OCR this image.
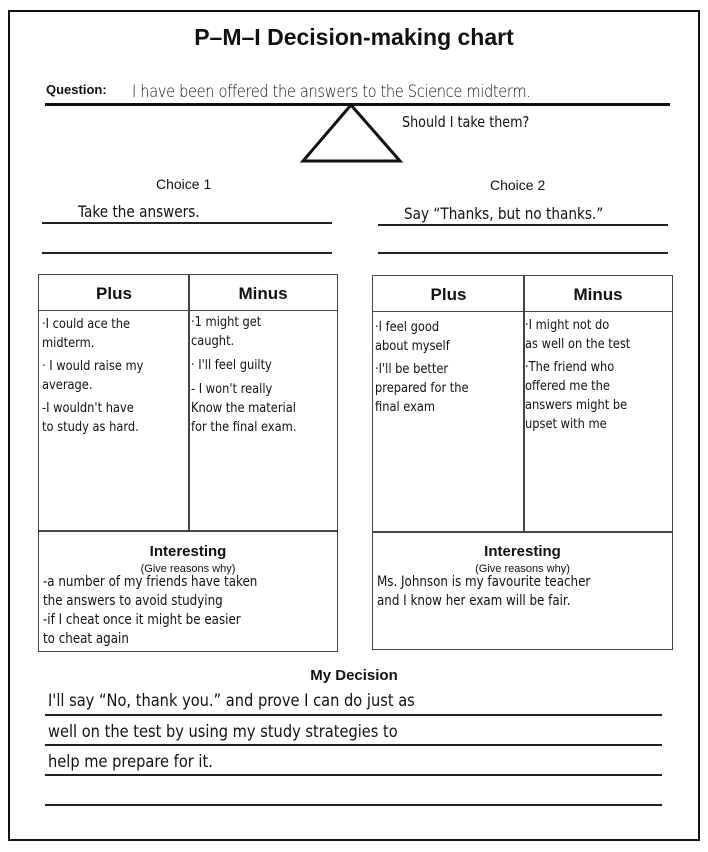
P–M–I Decision-making chart
Question: I have been offered the answers to the Science midterm.
Should I take them?
Choice 1
Take the answers.
Choice 2
Say “Thanks, but no thanks.”
Plus	Minus
·I could ace the
midterm.
· I would raise my
average.
-I wouldn't have
to study as hard.
·1 might get
caught.
· I'll feel guilty
- I won't really
Know the material
for the final exam.
Interesting
(Give reasons why)
-a number of my friends have taken
the answers to avoid studying
-if I cheat once it might be easier
to cheat again
Plus	Minus
·I feel good
about myself
·I'll be better
prepared for the
final exam
·I might not do
as well on the test
·The friend who
offered me the
answers might be
upset with me
Interesting
(Give reasons why)
Ms. Johnson is my favourite teacher
and I know her exam will be fair.
My Decision
I'll say “No, thank you.” and prove I can do just as
well on the test by using my study strategies to
help me prepare for it.
